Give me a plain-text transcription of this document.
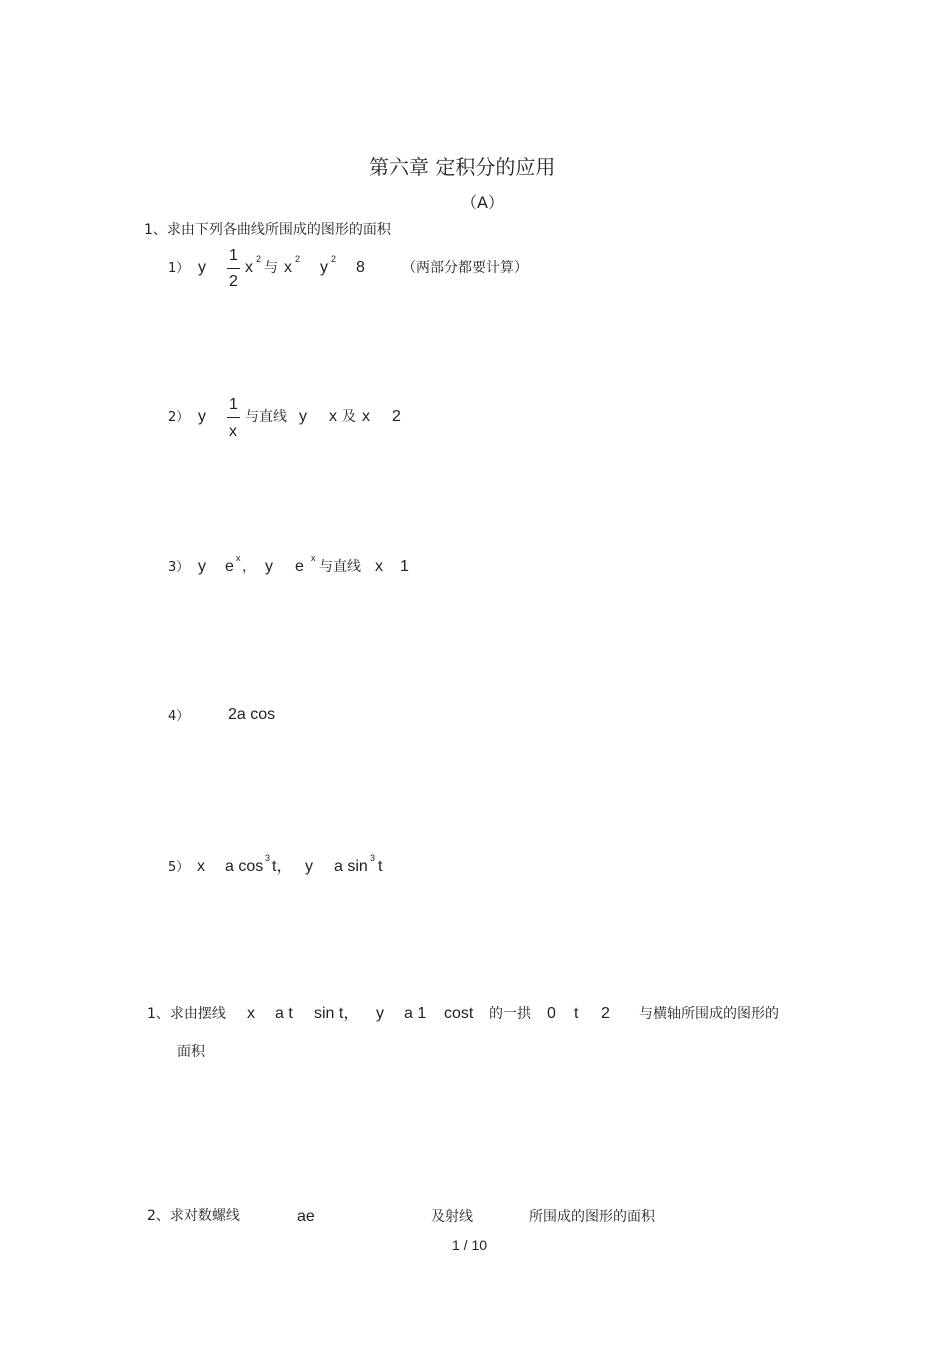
第六章 定积分的应用
（A）
1、求由下列各曲线所围成的图形的面积
1） y
1
2
x 2
与 x 2 y 2 8	（两部分都要计算）
2） y
1
x
与直线 y x 及 x 2
3） y e x
， y e x
与直线 x 1
4） 2a cos
5） x a cos 3 t， y a sin 3 t
1、求由摆线 x a t sin t， y a 1 cost 的一拱 0 t 2 与横轴所围成的图形的
面积
2、求对数螺线	ae	及射线	所围成的图形的面积
1 / 10
